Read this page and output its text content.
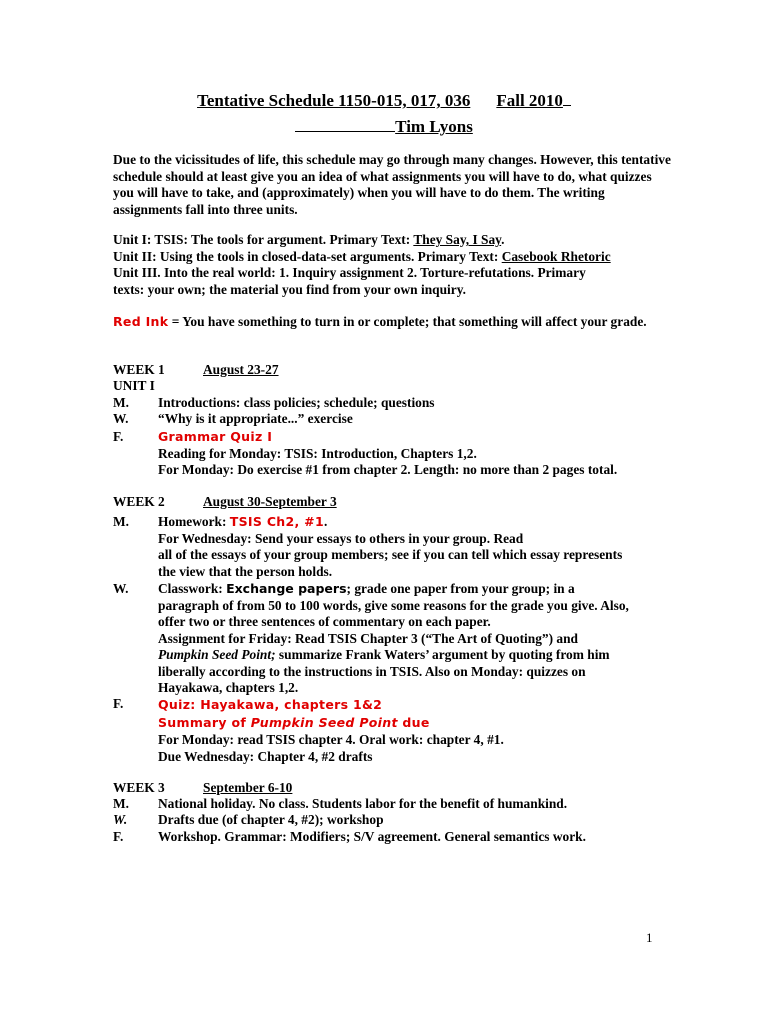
Tentative Schedule 1150-015, 017, 036 Fall 2010
Tim Lyons
Due to the vicissitudes of life, this schedule may go through many changes. However, this tentative schedule should at least give you an idea of what assignments you will have to do, what quizzes you will have to take, and (approximately) when you will have to do them. The writing assignments fall into three units.
Unit I: TSIS: The tools for argument. Primary Text: They Say, I Say.
Unit II: Using the tools in closed-data-set arguments. Primary Text: Casebook Rhetoric
Unit III. Into the real world: 1. Inquiry assignment 2. Torture-refutations. Primary
texts: your own; the material you find from your own inquiry.
Red Ink = You have something to turn in or complete; that something will affect your grade.
WEEK 1	August 23-27
UNIT I
M. Introductions: class policies; schedule; questions
W. “Why is it appropriate...” exercise
F.	Grammar Quiz I
Reading for Monday: TSIS: Introduction, Chapters 1,2.
For Monday: Do exercise #1 from chapter 2. Length: no more than 2 pages total.
WEEK 2	August 30-September 3
M. Homework: TSIS Ch2, #1.
For Wednesday: Send your essays to others in your group. Read
all of the essays of your group members; see if you can tell which essay represents
the view that the person holds.
W. Classwork: Exchange papers; grade one paper from your group; in a
paragraph of from 50 to 100 words, give some reasons for the grade you give. Also,
offer two or three sentences of commentary on each paper.
Assignment for Friday: Read TSIS Chapter 3 (“The Art of Quoting”) and
Pumpkin Seed Point; summarize Frank Waters’ argument by quoting from him
liberally according to the instructions in TSIS. Also on Monday: quizzes on
Hayakawa, chapters 1,2.
F.	Quiz: Hayakawa, chapters 1&2
Summary of Pumpkin Seed Point due
For Monday: read TSIS chapter 4. Oral work: chapter 4, #1.
Due Wednesday: Chapter 4, #2 drafts
WEEK 3	September 6-10
M. National holiday. No class. Students labor for the benefit of humankind.
W. Drafts due (of chapter 4, #2); workshop
F.	Workshop. Grammar: Modifiers; S/V agreement. General semantics work.
1
